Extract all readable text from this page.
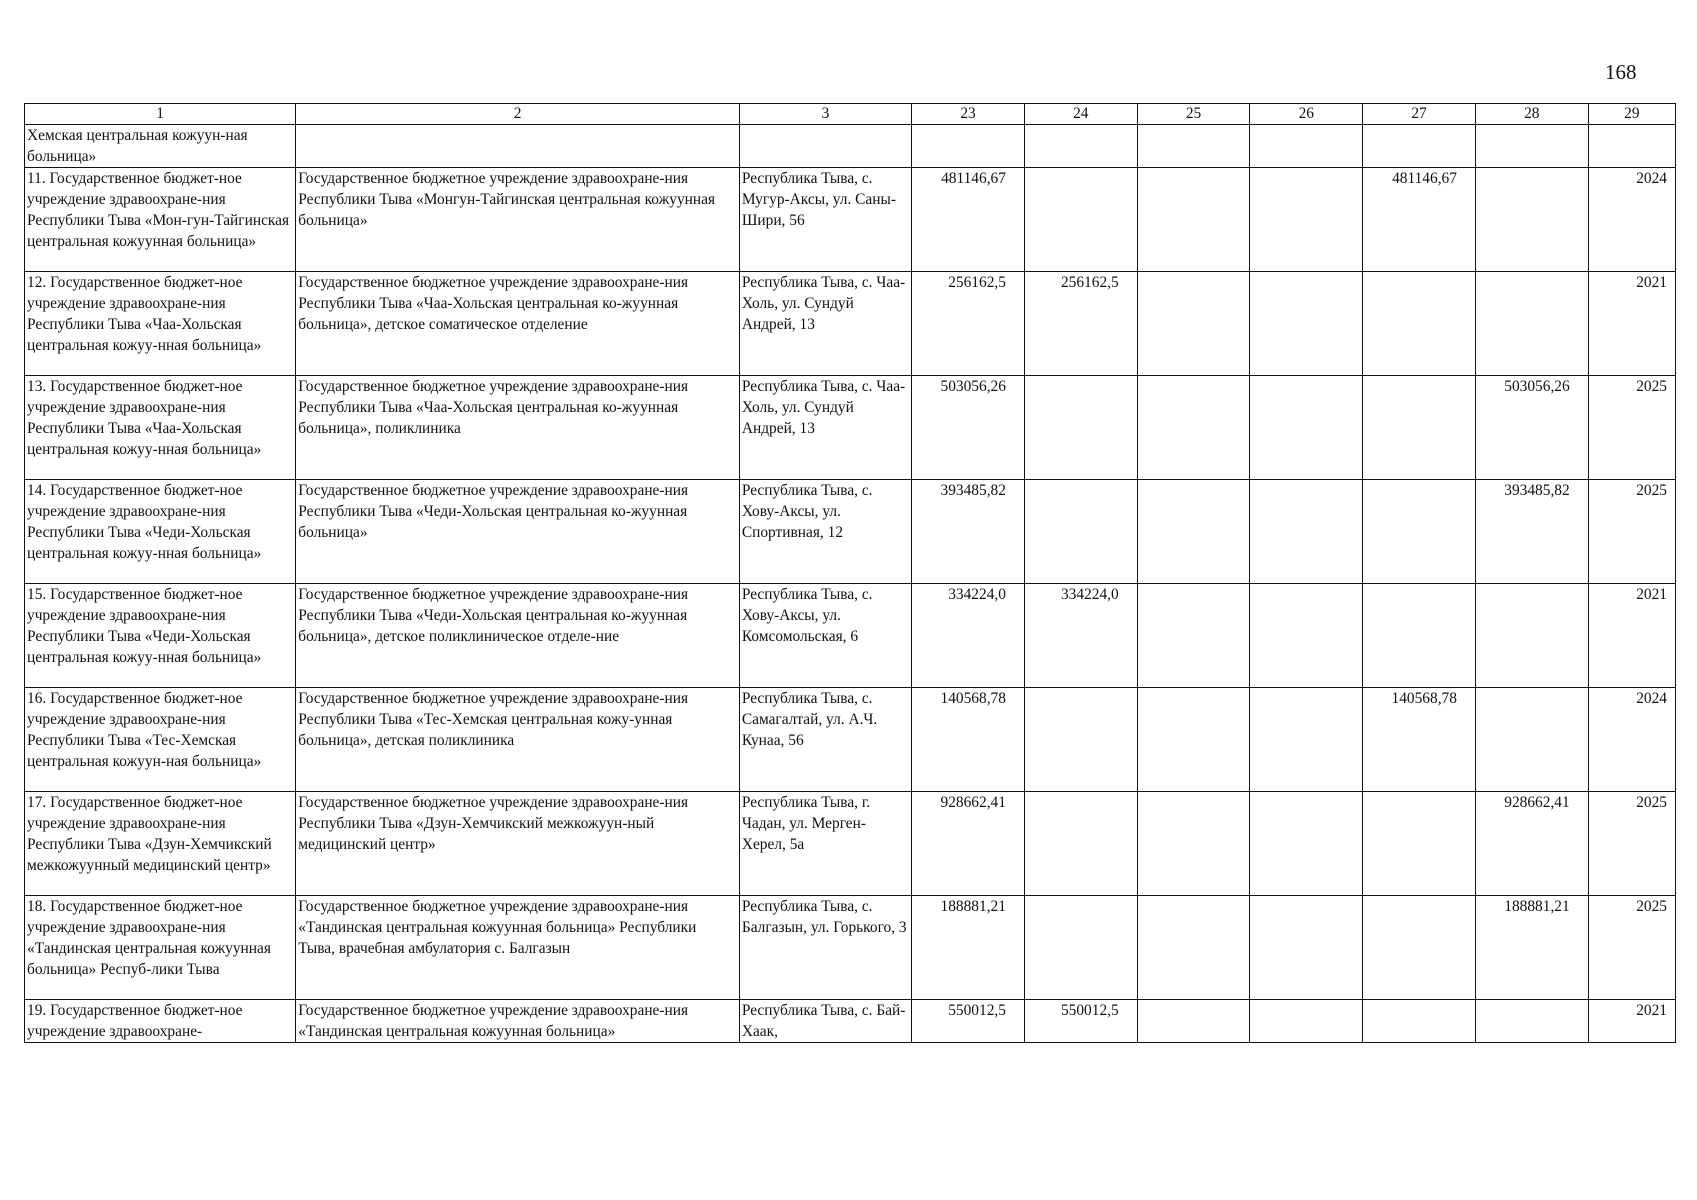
168
1	2	3	23	24	25	26	27	28	29
Хемская центральная кожуун-ная больница»									
11. Государственное бюджет-ное учреждение здравоохране-ния Республики Тыва «Мон-гун-Тайгинская центральная кожуунная больница»	Государственное бюджетное учреждение здравоохране-ния Республики Тыва «Монгун-Тайгинская центральная кожуунная больница»	Республика Тыва, с. Мугур-Аксы, ул. Саны-Шири, 56	481146,67				481146,67		2024
12. Государственное бюджет-ное учреждение здравоохране-ния Республики Тыва «Чаа-Хольская центральная кожуу-нная больница»	Государственное бюджетное учреждение здравоохране-ния Республики Тыва «Чаа-Хольская центральная ко-жуунная больница», детское соматическое отделение	Республика Тыва, с. Чаа-Холь, ул. Сундуй Андрей, 13	256162,5	256162,5					2021
13. Государственное бюджет-ное учреждение здравоохране-ния Республики Тыва «Чаа-Хольская центральная кожуу-нная больница»	Государственное бюджетное учреждение здравоохране-ния Республики Тыва «Чаа-Хольская центральная ко-жуунная больница», поликлиника	Республика Тыва, с. Чаа-Холь, ул. Сундуй Андрей, 13	503056,26					503056,26	2025
14. Государственное бюджет-ное учреждение здравоохране-ния Республики Тыва «Чеди-Хольская центральная кожуу-нная больница»	Государственное бюджетное учреждение здравоохране-ния Республики Тыва «Чеди-Хольская центральная ко-жуунная больница»	Республика Тыва, с. Хову-Аксы, ул. Спортивная, 12	393485,82					393485,82	2025
15. Государственное бюджет-ное учреждение здравоохране-ния Республики Тыва «Чеди-Хольская центральная кожуу-нная больница»	Государственное бюджетное учреждение здравоохране-ния Республики Тыва «Чеди-Хольская центральная ко-жуунная больница», детское поликлиническое отделе-ние	Республика Тыва, с. Хову-Аксы, ул. Комсомольская, 6	334224,0	334224,0					2021
16. Государственное бюджет-ное учреждение здравоохране-ния Республики Тыва «Тес-Хемская центральная кожуун-ная больница»	Государственное бюджетное учреждение здравоохране-ния Республики Тыва «Тес-Хемская центральная кожу-унная больница», детская поликлиника	Республика Тыва, с. Самагалтай, ул. А.Ч. Кунаа, 56	140568,78				140568,78		2024
17. Государственное бюджет-ное учреждение здравоохране-ния Республики Тыва «Дзун-Хемчикский межкожуунный медицинский центр»	Государственное бюджетное учреждение здравоохране-ния Республики Тыва «Дзун-Хемчикский межкожуун-ный медицинский центр»	Республика Тыва, г. Чадан, ул. Мерген-Херел, 5а	928662,41					928662,41	2025
18. Государственное бюджет-ное учреждение здравоохране-ния «Тандинская центральная кожуунная больница» Респуб-лики Тыва	Государственное бюджетное учреждение здравоохране-ния «Тандинская центральная кожуунная больница» Республики Тыва, врачебная амбулатория с. Балгазын	Республика Тыва, с. Балгазын, ул. Горького, 3	188881,21					188881,21	2025
19. Государственное бюджет-ное учреждение здравоохране-	Государственное бюджетное учреждение здравоохране-ния «Тандинская центральная кожуунная больница»	Республика Тыва, с. Бай-Хаак,	550012,5	550012,5					2021
